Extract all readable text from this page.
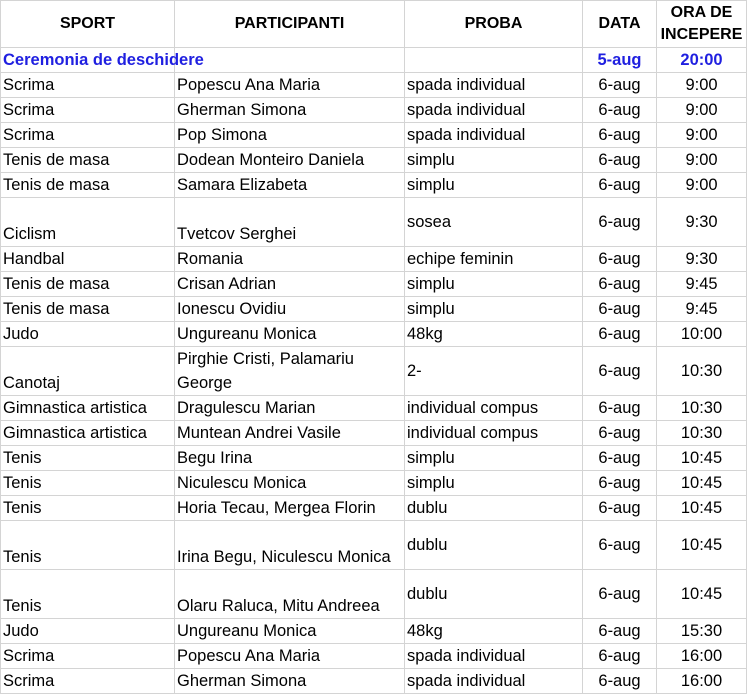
SPORT	PARTICIPANTI	PROBA	DATA	ORA DE INCEPERE
Ceremonia de deschidere			5-aug	20:00
Scrima	Popescu Ana Maria	spada individual	6-aug	9:00
Scrima	Gherman Simona	spada individual	6-aug	9:00
Scrima	Pop Simona	spada individual	6-aug	9:00
Tenis de masa	Dodean Monteiro Daniela	simplu	6-aug	9:00
Tenis de masa	Samara Elizabeta	simplu	6-aug	9:00
Ciclism	Tvetcov Serghei	sosea	6-aug	9:30
Handbal	Romania	echipe feminin	6-aug	9:30
Tenis de masa	Crisan Adrian	simplu	6-aug	9:45
Tenis de masa	Ionescu Ovidiu	simplu	6-aug	9:45
Judo	Ungureanu Monica	48kg	6-aug	10:00
Canotaj	Pirghie Cristi, Palamariu George	2-	6-aug	10:30
Gimnastica artistica	Dragulescu Marian	individual compus	6-aug	10:30
Gimnastica artistica	Muntean Andrei Vasile	individual compus	6-aug	10:30
Tenis	Begu Irina	simplu	6-aug	10:45
Tenis	Niculescu Monica	simplu	6-aug	10:45
Tenis	Horia Tecau, Mergea Florin	dublu	6-aug	10:45
Tenis	Irina Begu, Niculescu Monica	dublu	6-aug	10:45
Tenis	Olaru Raluca, Mitu Andreea	dublu	6-aug	10:45
Judo	Ungureanu Monica	48kg	6-aug	15:30
Scrima	Popescu Ana Maria	spada individual	6-aug	16:00
Scrima	Gherman Simona	spada individual	6-aug	16:00
